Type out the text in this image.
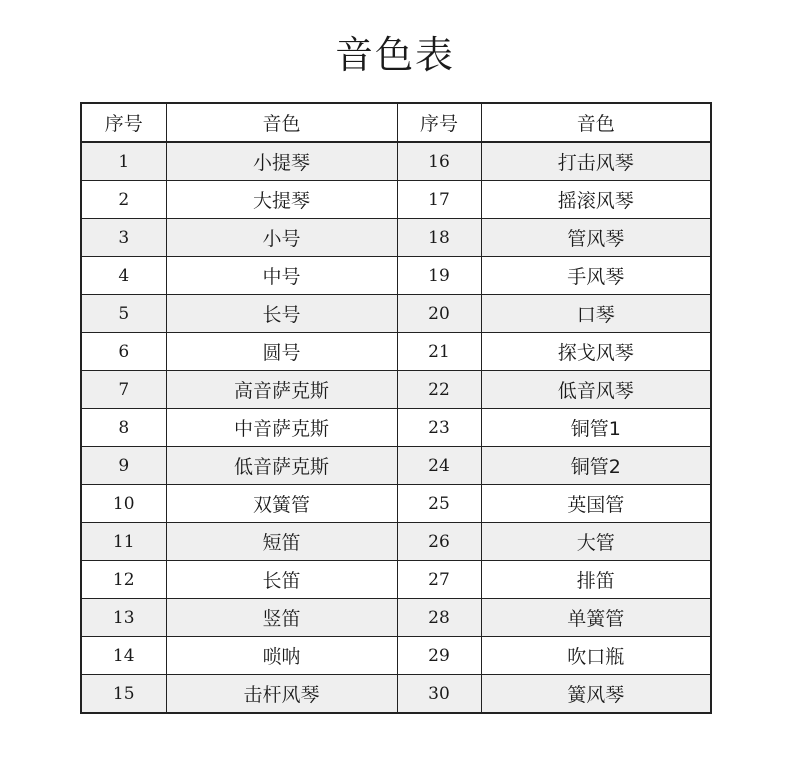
音色表
序号	音色	序号	音色
1	小提琴	16	打击风琴
2	大提琴	17	摇滚风琴
3	小号	18	管风琴
4	中号	19	手风琴
5	长号	20	口琴
6	圆号	21	探戈风琴
7	高音萨克斯	22	低音风琴
8	中音萨克斯	23	铜管1
9	低音萨克斯	24	铜管2
10	双簧管	25	英国管
11	短笛	26	大管
12	长笛	27	排笛
13	竖笛	28	单簧管
14	唢呐	29	吹口瓶
15	击杆风琴	30	簧风琴
